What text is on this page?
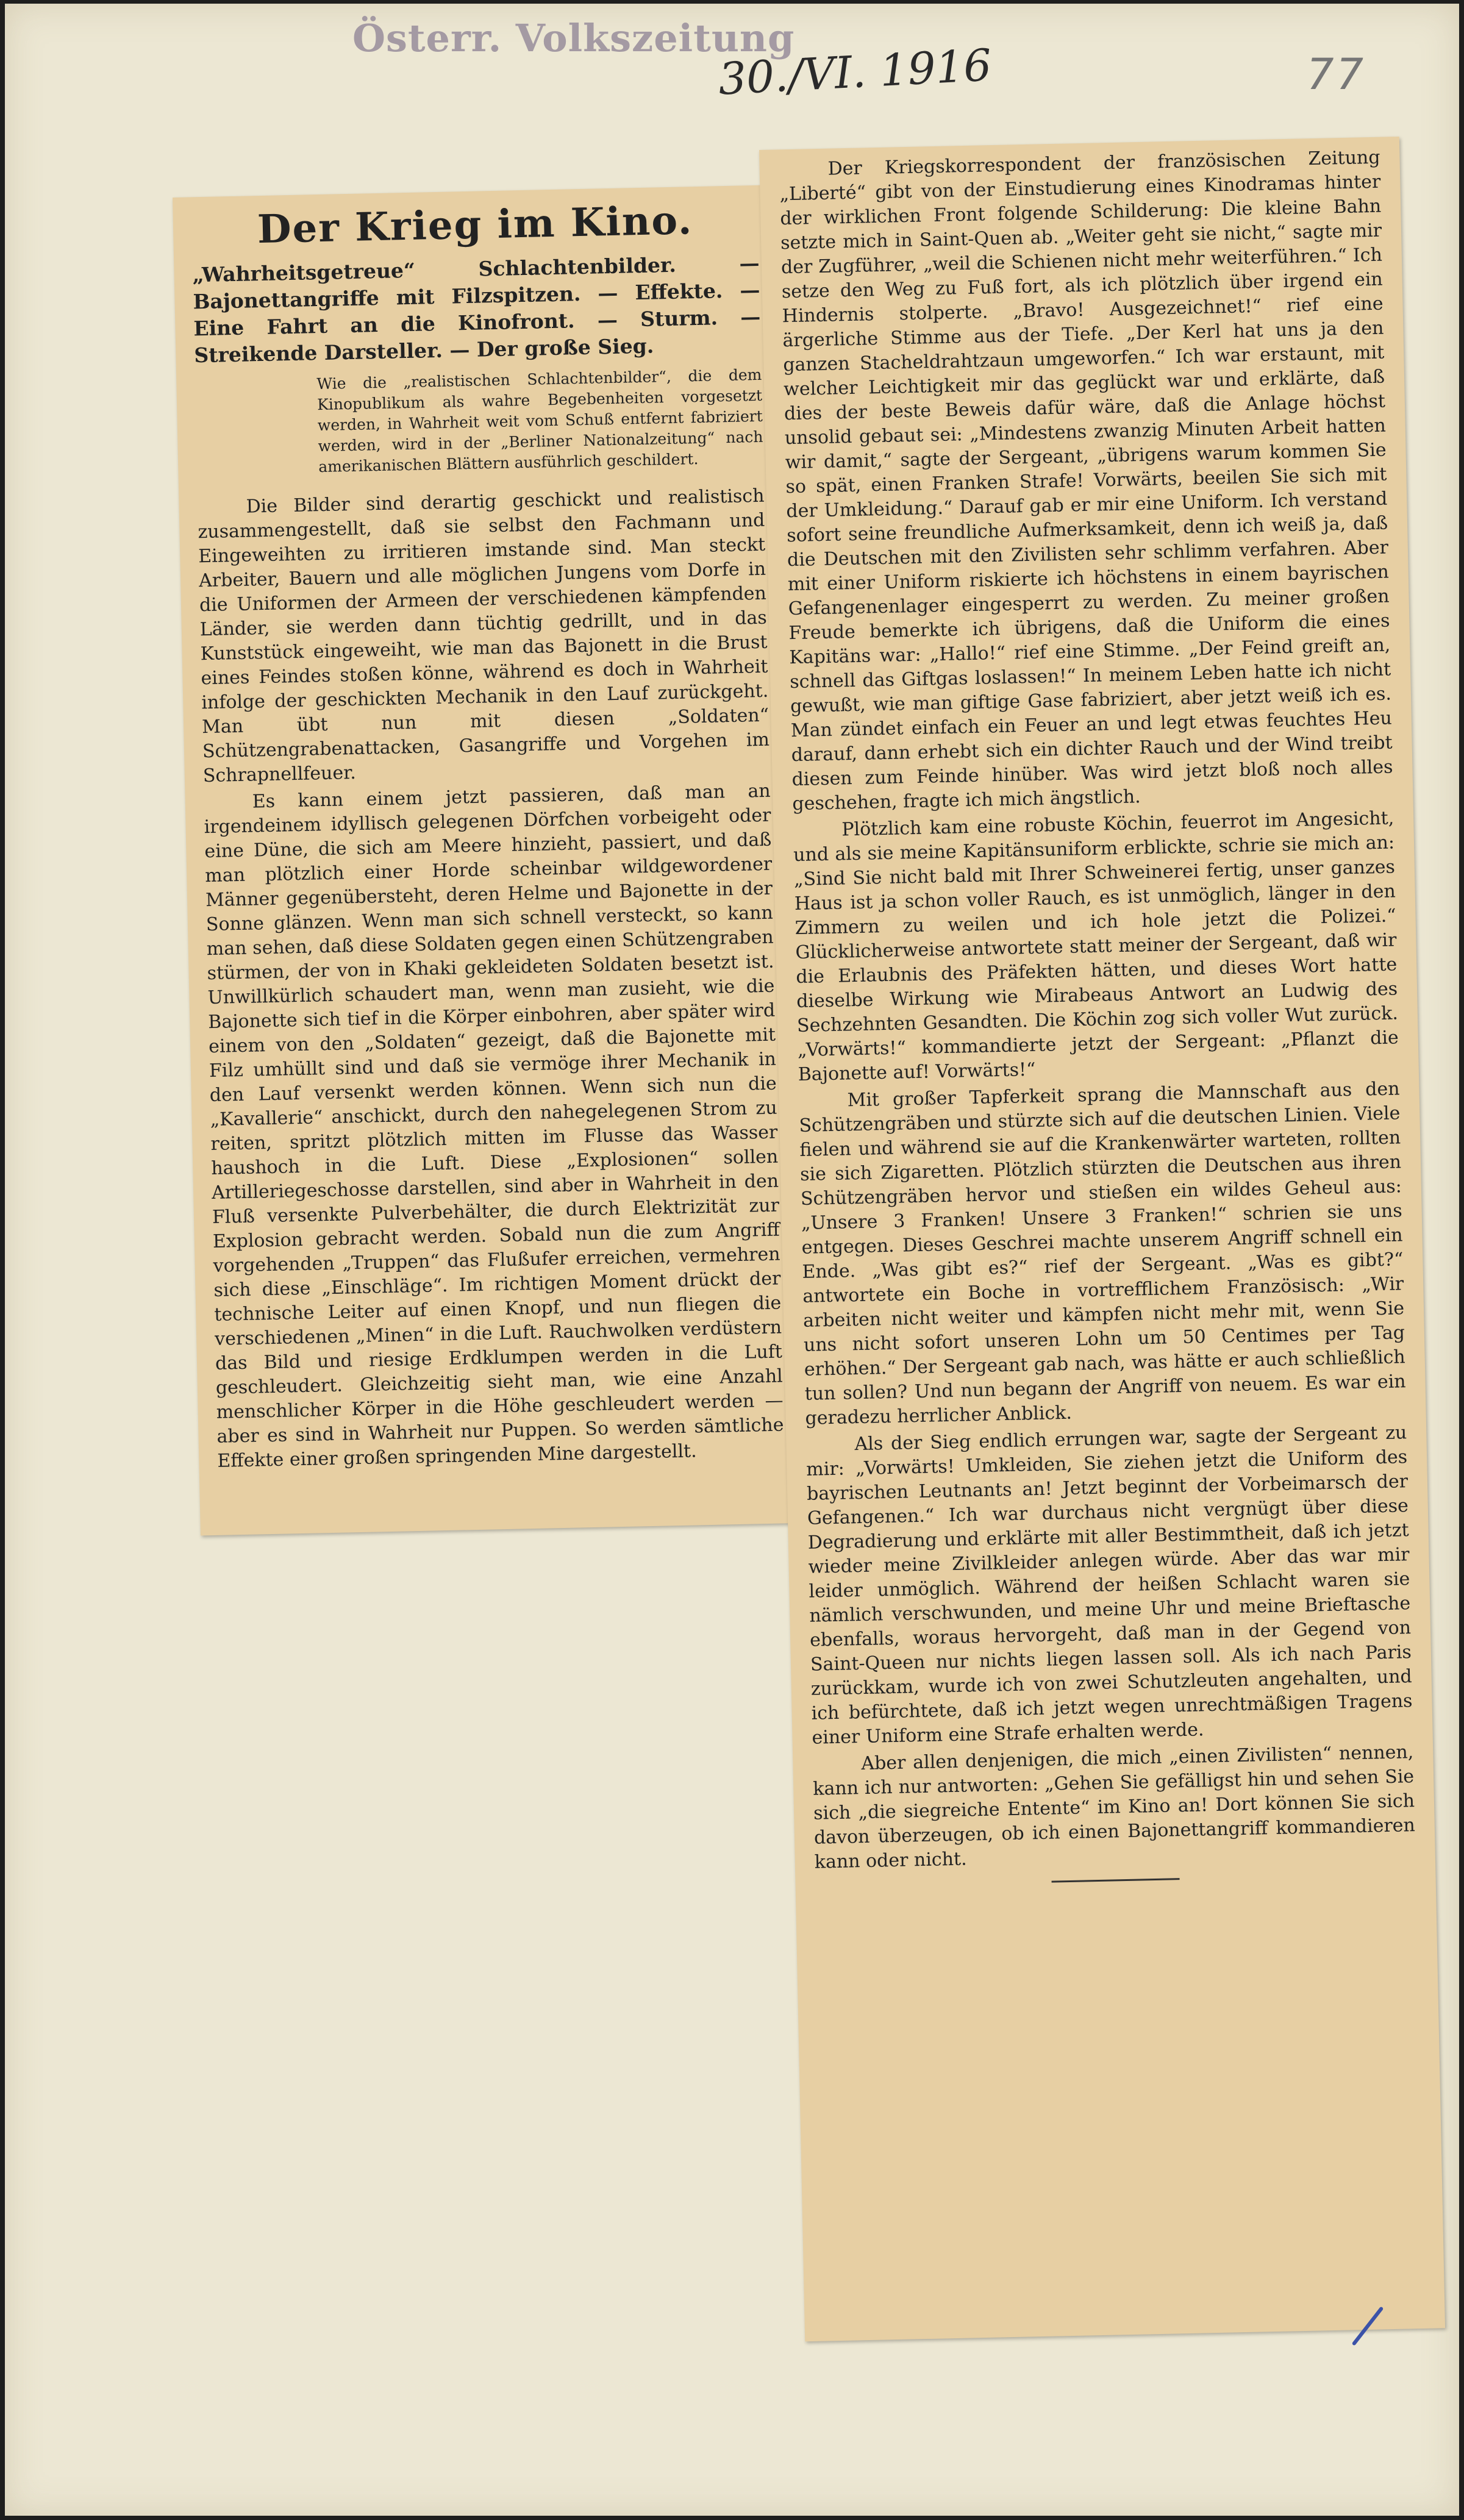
Österr. Volkszeitung
30./VI. 1916	77
Der Krieg im Kino.
„Wahrheitsgetreue“ Schlachtenbilder. — Bajonettangriffe mit Filzspitzen. — Effekte. — Eine Fahrt an die Kinofront. — Sturm. — Streikende Darsteller. — Der große Sieg.
Wie die „realistischen Schlachtenbilder“, die dem Kinopublikum als wahre Begebenheiten vorgesetzt werden, in Wahrheit weit vom Schuß entfernt fabriziert werden, wird in der „Berliner Nationalzeitung“ nach amerikanischen Blättern ausführlich geschildert.

Die Bilder sind derartig geschickt und realistisch zusammengestellt, daß sie selbst den Fachmann und Eingeweihten zu irritieren imstande sind. Man steckt Arbeiter, Bauern und alle möglichen Jungens vom Dorfe in die Uniformen der Armeen der verschiedenen kämpfenden Länder, sie werden dann tüchtig gedrillt, und in das Kunststück eingeweiht, wie man das Bajonett in die Brust eines Feindes stoßen könne, während es doch in Wahrheit infolge der geschickten Mechanik in den Lauf zurückgeht. Man übt nun mit diesen „Soldaten“ Schützengrabenattacken, Gasangriffe und Vorgehen im Schrapnellfeuer.

Es kann einem jetzt passieren, daß man an irgendeinem idyllisch gelegenen Dörfchen vorbeigeht oder eine Düne, die sich am Meere hinzieht, passiert, und daß man plötzlich einer Horde scheinbar wildgewordener Männer gegenübersteht, deren Helme und Bajonette in der Sonne glänzen. Wenn man sich schnell versteckt, so kann man sehen, daß diese Soldaten gegen einen Schützengraben stürmen, der von in Khaki gekleideten Soldaten besetzt ist. Unwillkürlich schaudert man, wenn man zusieht, wie die Bajonette sich tief in die Körper einbohren, aber später wird einem von den „Soldaten“ gezeigt, daß die Bajonette mit Filz umhüllt sind und daß sie vermöge ihrer Mechanik in den Lauf versenkt werden können. Wenn sich nun die „Kavallerie“ anschickt, durch den nahegelegenen Strom zu reiten, spritzt plötzlich mitten im Flusse das Wasser haushoch in die Luft. Diese „Explosionen“ sollen Artilleriegeschosse darstellen, sind aber in Wahrheit in den Fluß versenkte Pulverbehälter, die durch Elektrizität zur Explosion gebracht werden. Sobald nun die zum Angriff vorgehenden „Truppen“ das Flußufer erreichen, vermehren sich diese „Einschläge“. Im richtigen Moment drückt der technische Leiter auf einen Knopf, und nun fliegen die verschiedenen „Minen“ in die Luft. Rauchwolken verdüstern das Bild und riesige Erdklumpen werden in die Luft geschleudert. Gleichzeitig sieht man, wie eine Anzahl menschlicher Körper in die Höhe geschleudert werden — aber es sind in Wahrheit nur Puppen. So werden sämtliche Effekte einer großen springenden Mine dargestellt.

Der Kriegskorrespondent der französischen Zeitung „Liberté“ gibt von der Einstudierung eines Kinodramas hinter der wirklichen Front folgende Schilderung: Die kleine Bahn setzte mich in Saint-Quen ab. „Weiter geht sie nicht,“ sagte mir der Zugführer, „weil die Schienen nicht mehr weiterführen.“ Ich setze den Weg zu Fuß fort, als ich plötzlich über irgend ein Hindernis stolperte. „Bravo! Ausgezeichnet!“ rief eine ärgerliche Stimme aus der Tiefe. „Der Kerl hat uns ja den ganzen Stacheldrahtzaun umgeworfen.“ Ich war erstaunt, mit welcher Leichtigkeit mir das geglückt war und erklärte, daß dies der beste Beweis dafür wäre, daß die Anlage höchst unsolid gebaut sei: „Mindestens zwanzig Minuten Arbeit hatten wir damit,“ sagte der Sergeant, „übrigens warum kommen Sie so spät, einen Franken Strafe! Vorwärts, beeilen Sie sich mit der Umkleidung.“ Darauf gab er mir eine Uniform. Ich verstand sofort seine freundliche Aufmerksamkeit, denn ich weiß ja, daß die Deutschen mit den Zivilisten sehr schlimm verfahren. Aber mit einer Uniform riskierte ich höchstens in einem bayrischen Gefangenenlager eingesperrt zu werden. Zu meiner großen Freude bemerkte ich übrigens, daß die Uniform die eines Kapitäns war: „Hallo!“ rief eine Stimme. „Der Feind greift an, schnell das Giftgas loslassen!“ In meinem Leben hatte ich nicht gewußt, wie man giftige Gase fabriziert, aber jetzt weiß ich es. Man zündet einfach ein Feuer an und legt etwas feuchtes Heu darauf, dann erhebt sich ein dichter Rauch und der Wind treibt diesen zum Feinde hinüber. Was wird jetzt bloß noch alles geschehen, fragte ich mich ängstlich.

Plötzlich kam eine robuste Köchin, feuerrot im Angesicht, und als sie meine Kapitänsuniform erblickte, schrie sie mich an: „Sind Sie nicht bald mit Ihrer Schweinerei fertig, unser ganzes Haus ist ja schon voller Rauch, es ist unmöglich, länger in den Zimmern zu weilen und ich hole jetzt die Polizei.“ Glücklicherweise antwortete statt meiner der Sergeant, daß wir die Erlaubnis des Präfekten hätten, und dieses Wort hatte dieselbe Wirkung wie Mirabeaus Antwort an Ludwig des Sechzehnten Gesandten. Die Köchin zog sich voller Wut zurück. „Vorwärts!“ kommandierte jetzt der Sergeant: „Pflanzt die Bajonette auf! Vorwärts!“

Mit großer Tapferkeit sprang die Mannschaft aus den Schützengräben und stürzte sich auf die deutschen Linien. Viele fielen und während sie auf die Krankenwärter warteten, rollten sie sich Zigaretten. Plötzlich stürzten die Deutschen aus ihren Schützengräben hervor und stießen ein wildes Geheul aus: „Unsere 3 Franken! Unsere 3 Franken!“ schrien sie uns entgegen. Dieses Geschrei machte unserem Angriff schnell ein Ende. „Was gibt es?“ rief der Sergeant. „Was es gibt?“ antwortete ein Boche in vortrefflichem Französisch: „Wir arbeiten nicht weiter und kämpfen nicht mehr mit, wenn Sie uns nicht sofort unseren Lohn um 50 Centimes per Tag erhöhen.“ Der Sergeant gab nach, was hätte er auch schließlich tun sollen? Und nun begann der Angriff von neuem. Es war ein geradezu herrlicher Anblick.

Als der Sieg endlich errungen war, sagte der Sergeant zu mir: „Vorwärts! Umkleiden, Sie ziehen jetzt die Uniform des bayrischen Leutnants an! Jetzt beginnt der Vorbeimarsch der Gefangenen.“ Ich war durchaus nicht vergnügt über diese Degradierung und erklärte mit aller Bestimmtheit, daß ich jetzt wieder meine Zivilkleider anlegen würde. Aber das war mir leider unmöglich. Während der heißen Schlacht waren sie nämlich verschwunden, und meine Uhr und meine Brieftasche ebenfalls, woraus hervorgeht, daß man in der Gegend von Saint-Queen nur nichts liegen lassen soll. Als ich nach Paris zurückkam, wurde ich von zwei Schutzleuten angehalten, und ich befürchtete, daß ich jetzt wegen unrechtmäßigen Tragens einer Uniform eine Strafe erhalten werde.

Aber allen denjenigen, die mich „einen Zivilisten“ nennen, kann ich nur antworten: „Gehen Sie gefälligst hin und sehen Sie sich „die siegreiche Entente“ im Kino an! Dort können Sie sich davon überzeugen, ob ich einen Bajonettangriff kommandieren kann oder nicht.
